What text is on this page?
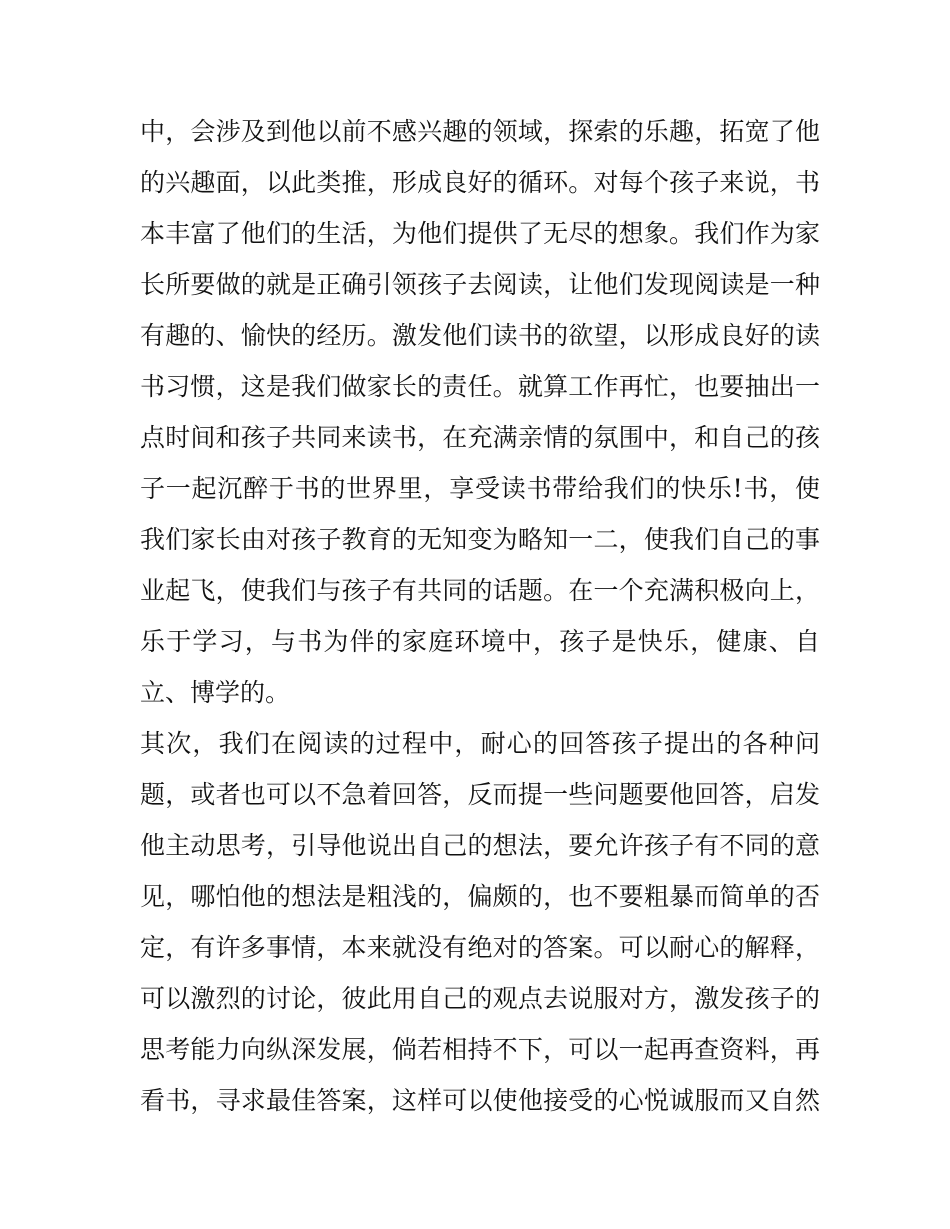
中，会涉及到他以前不感兴趣的领域，探索的乐趣，拓宽了他
的兴趣面，以此类推，形成良好的循环。对每个孩子来说，书
本丰富了他们的生活，为他们提供了无尽的想象。我们作为家
长所要做的就是正确引领孩子去阅读，让他们发现阅读是一种
有趣的、愉快的经历。激发他们读书的欲望，以形成良好的读
书习惯，这是我们做家长的责任。就算工作再忙，也要抽出一
点时间和孩子共同来读书，在充满亲情的氛围中，和自己的孩
子一起沉醉于书的世界里，享受读书带给我们的快乐!书，使
我们家长由对孩子教育的无知变为略知一二，使我们自己的事
业起飞，使我们与孩子有共同的话题。在一个充满积极向上，
乐于学习，与书为伴的家庭环境中，孩子是快乐，健康、自
立、博学的。
其次，我们在阅读的过程中，耐心的回答孩子提出的各种问
题，或者也可以不急着回答，反而提一些问题要他回答，启发
他主动思考，引导他说出自己的想法，要允许孩子有不同的意
见，哪怕他的想法是粗浅的，偏颇的，也不要粗暴而简单的否
定，有许多事情，本来就没有绝对的答案。可以耐心的解释，
可以激烈的讨论，彼此用自己的观点去说服对方，激发孩子的
思考能力向纵深发展，倘若相持不下，可以一起再查资料，再
看书，寻求最佳答案，这样可以使他接受的心悦诚服而又自然
